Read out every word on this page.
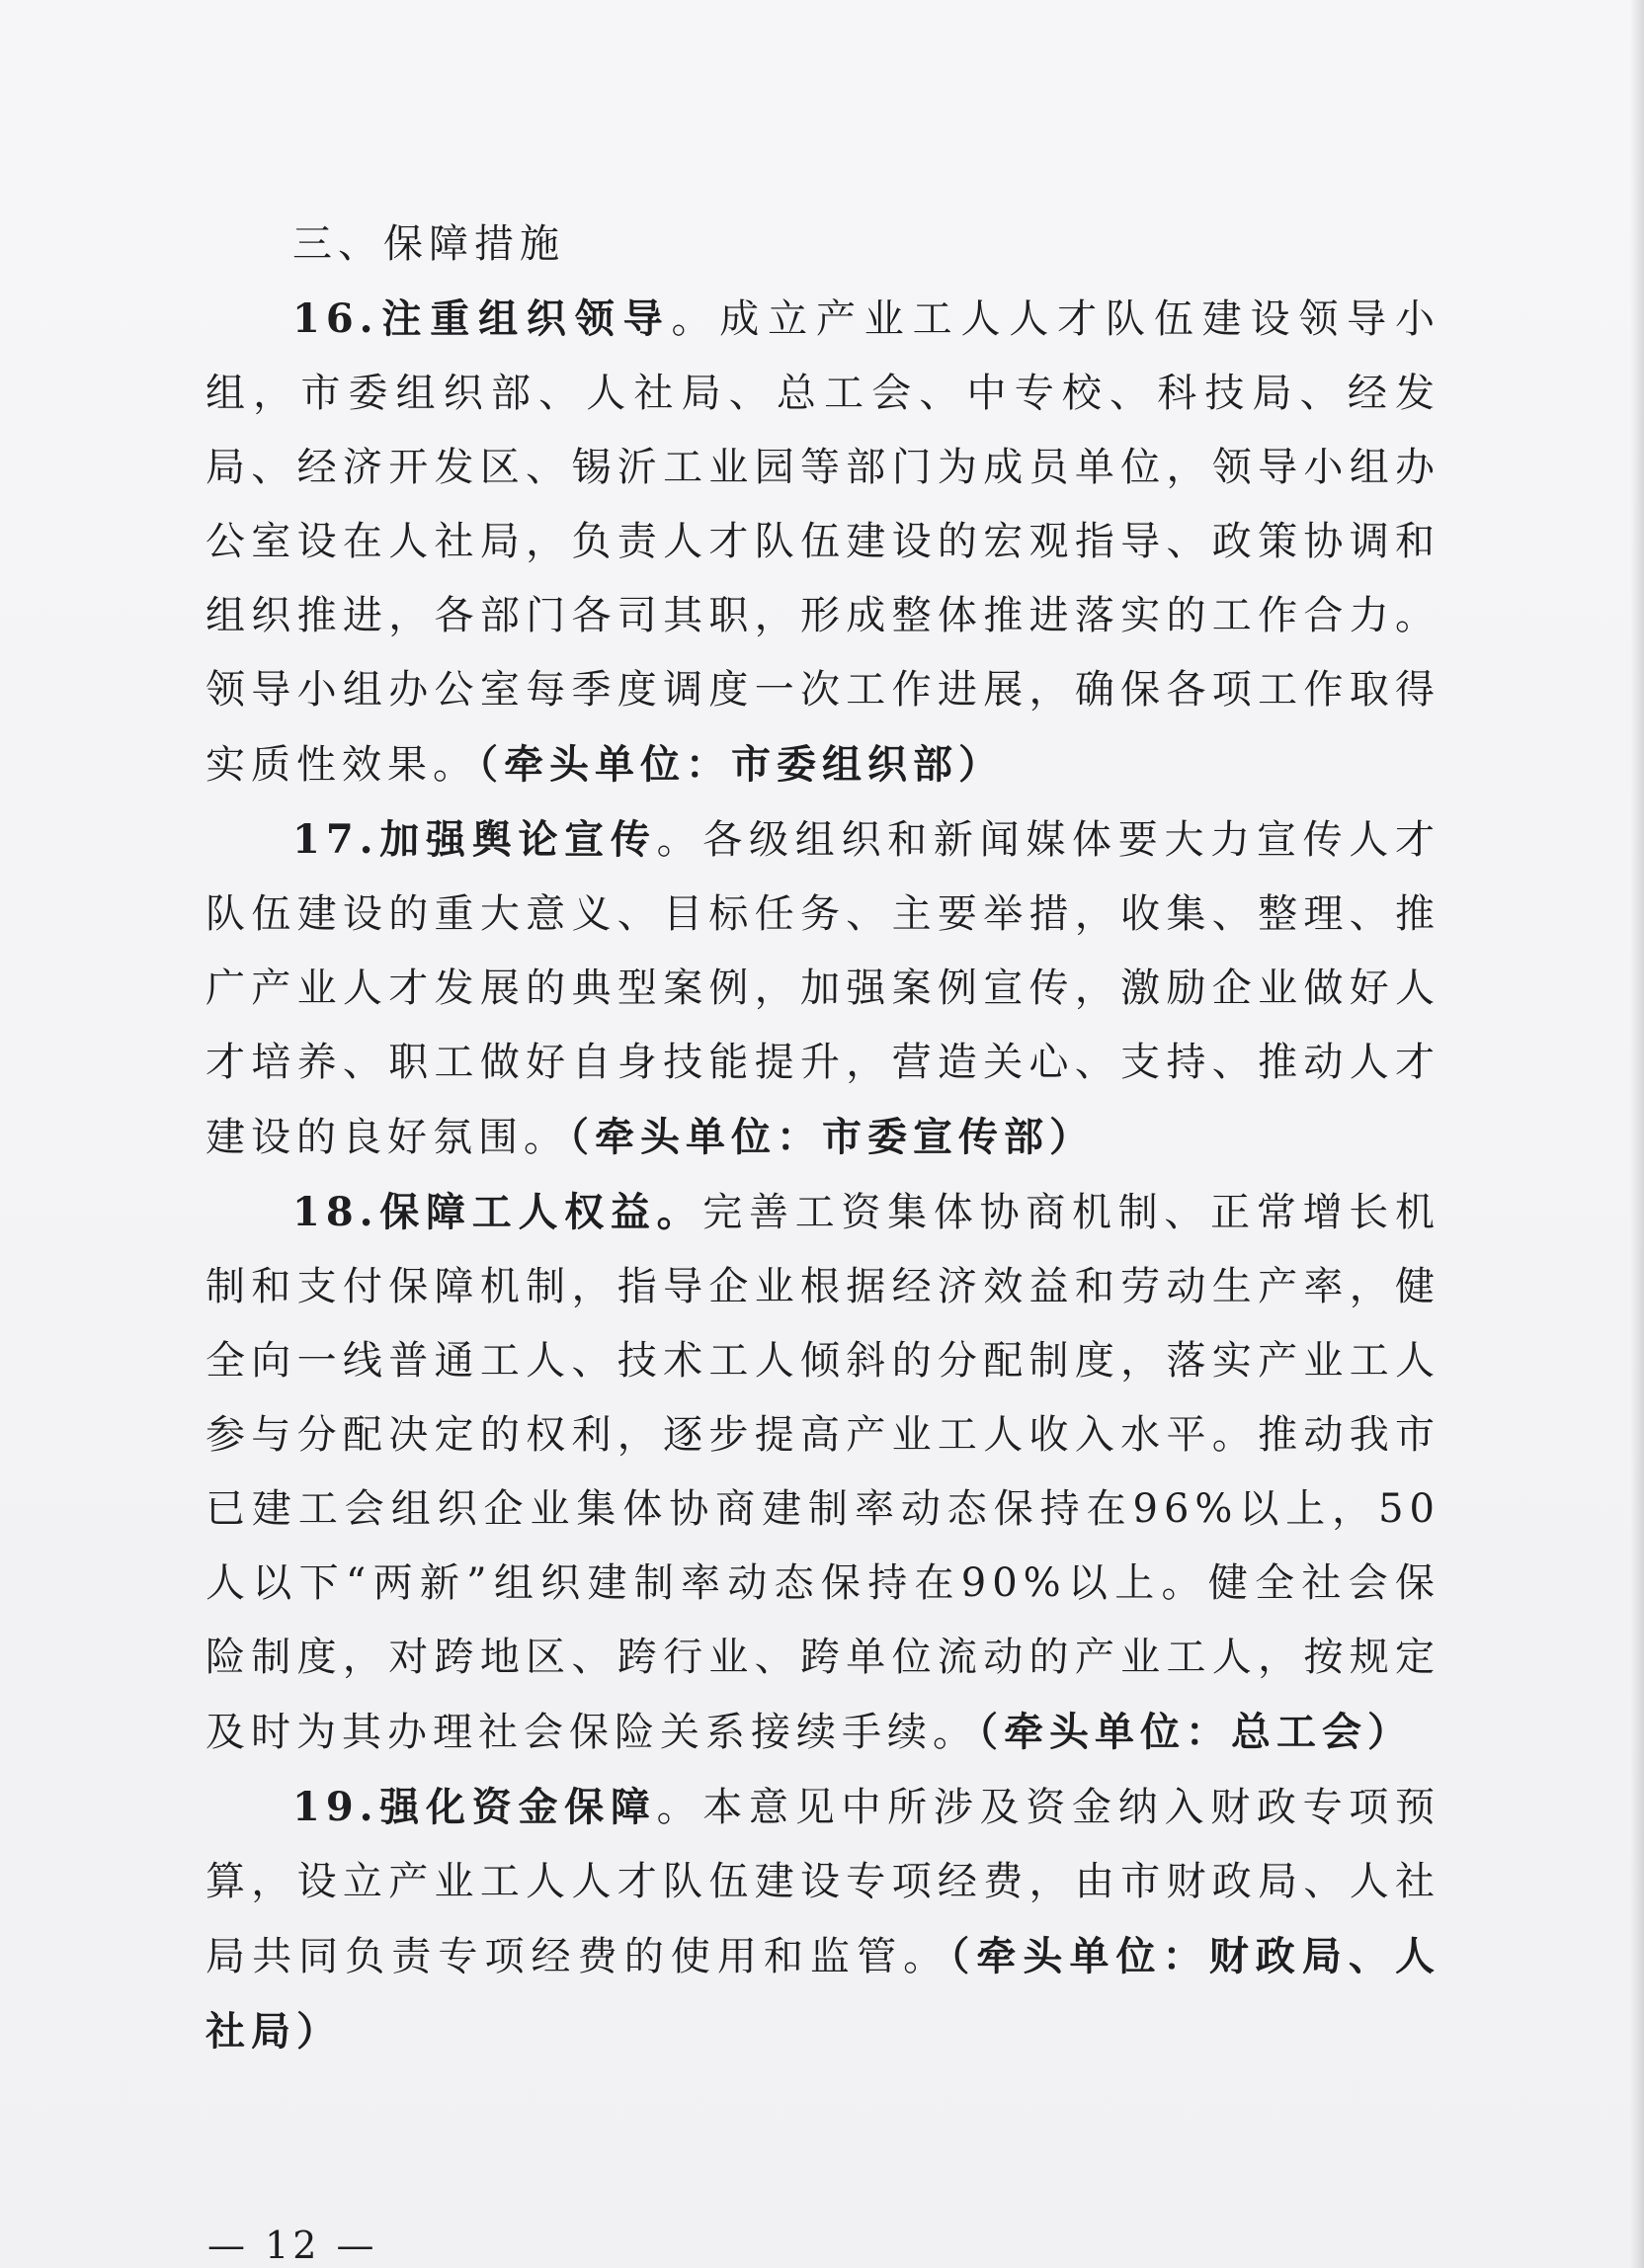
三、保障措施

16.注重组织领导。成立产业工人人才队伍建设领导小组，市委组织部、人社局、总工会、中专校、科技局、经发局、经济开发区、锡沂工业园等部门为成员单位，领导小组办公室设在人社局，负责人才队伍建设的宏观指导、政策协调和组织推进，各部门各司其职，形成整体推进落实的工作合力。领导小组办公室每季度调度一次工作进展，确保各项工作取得实质性效果。（牵头单位：市委组织部）

17.加强舆论宣传。各级组织和新闻媒体要大力宣传人才队伍建设的重大意义、目标任务、主要举措，收集、整理、推广产业人才发展的典型案例，加强案例宣传，激励企业做好人才培养、职工做好自身技能提升，营造关心、支持、推动人才建设的良好氛围。（牵头单位：市委宣传部）

18.保障工人权益。完善工资集体协商机制、正常增长机制和支付保障机制，指导企业根据经济效益和劳动生产率，健全向一线普通工人、技术工人倾斜的分配制度，落实产业工人参与分配决定的权利，逐步提高产业工人收入水平。推动我市已建工会组织企业集体协商建制率动态保持在96%以上，50人以下“两新”组织建制率动态保持在90%以上。健全社会保险制度，对跨地区、跨行业、跨单位流动的产业工人，按规定及时为其办理社会保险关系接续手续。（牵头单位：总工会）

19.强化资金保障。本意见中所涉及资金纳入财政专项预算，设立产业工人人才队伍建设专项经费，由市财政局、人社局共同负责专项经费的使用和监管。（牵头单位：财政局、人社局）

— 12 —
